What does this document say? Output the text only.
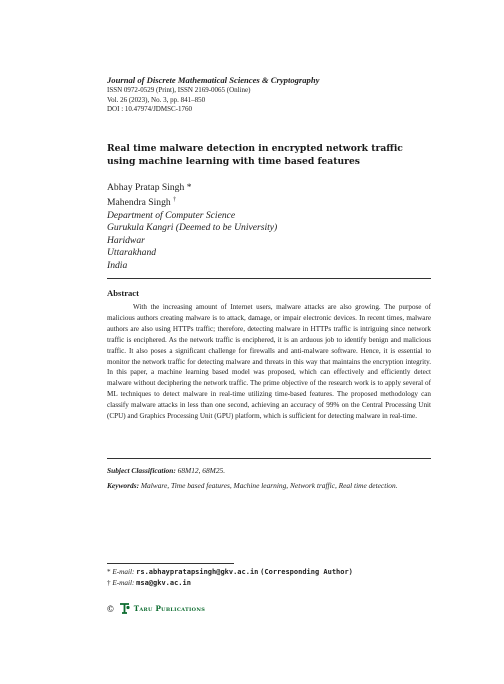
Journal of Discrete Mathematical Sciences & Cryptography
ISSN 0972-0529 (Print), ISSN 2169-0065 (Online)
Vol. 26 (2023), No. 3, pp. 841–850
DOI : 10.47974/JDMSC-1760
Real time malware detection in encrypted network traffic using machine learning with time based features
Abhay Pratap Singh *
Mahendra Singh †
Department of Computer Science
Gurukula Kangri (Deemed to be University)
Haridwar
Uttarakhand
India
Abstract
With the increasing amount of Internet users, malware attacks are also growing. The purpose of malicious authors creating malware is to attack, damage, or impair electronic devices. In recent times, malware authors are also using HTTPs traffic; therefore, detecting malware in HTTPs traffic is intriguing since network traffic is enciphered. As the network traffic is enciphered, it is an arduous job to identify benign and malicious traffic. It also poses a significant challenge for firewalls and anti-malware software. Hence, it is essential to monitor the network traffic for detecting malware and threats in this way that maintains the encryption integrity. In this paper, a machine learning based model was proposed, which can effectively and efficiently detect malware without deciphering the network traffic. The prime objective of the research work is to apply several of ML techniques to detect malware in real-time utilizing time-based features. The proposed methodology can classify malware attacks in less than one second, achieving an accuracy of 99% on the Central Processing Unit (CPU) and Graphics Processing Unit (GPU) platform, which is sufficient for detecting malware in real-time.
Subject Classification: 68M12, 68M25.
Keywords: Malware, Time based features, Machine learning, Network traffic, Real time detection.
* E-mail: rs.abhaypratapsingh@gkv.ac.in (Corresponding Author)
† E-mail: msa@gkv.ac.in
©	Taru Publications
